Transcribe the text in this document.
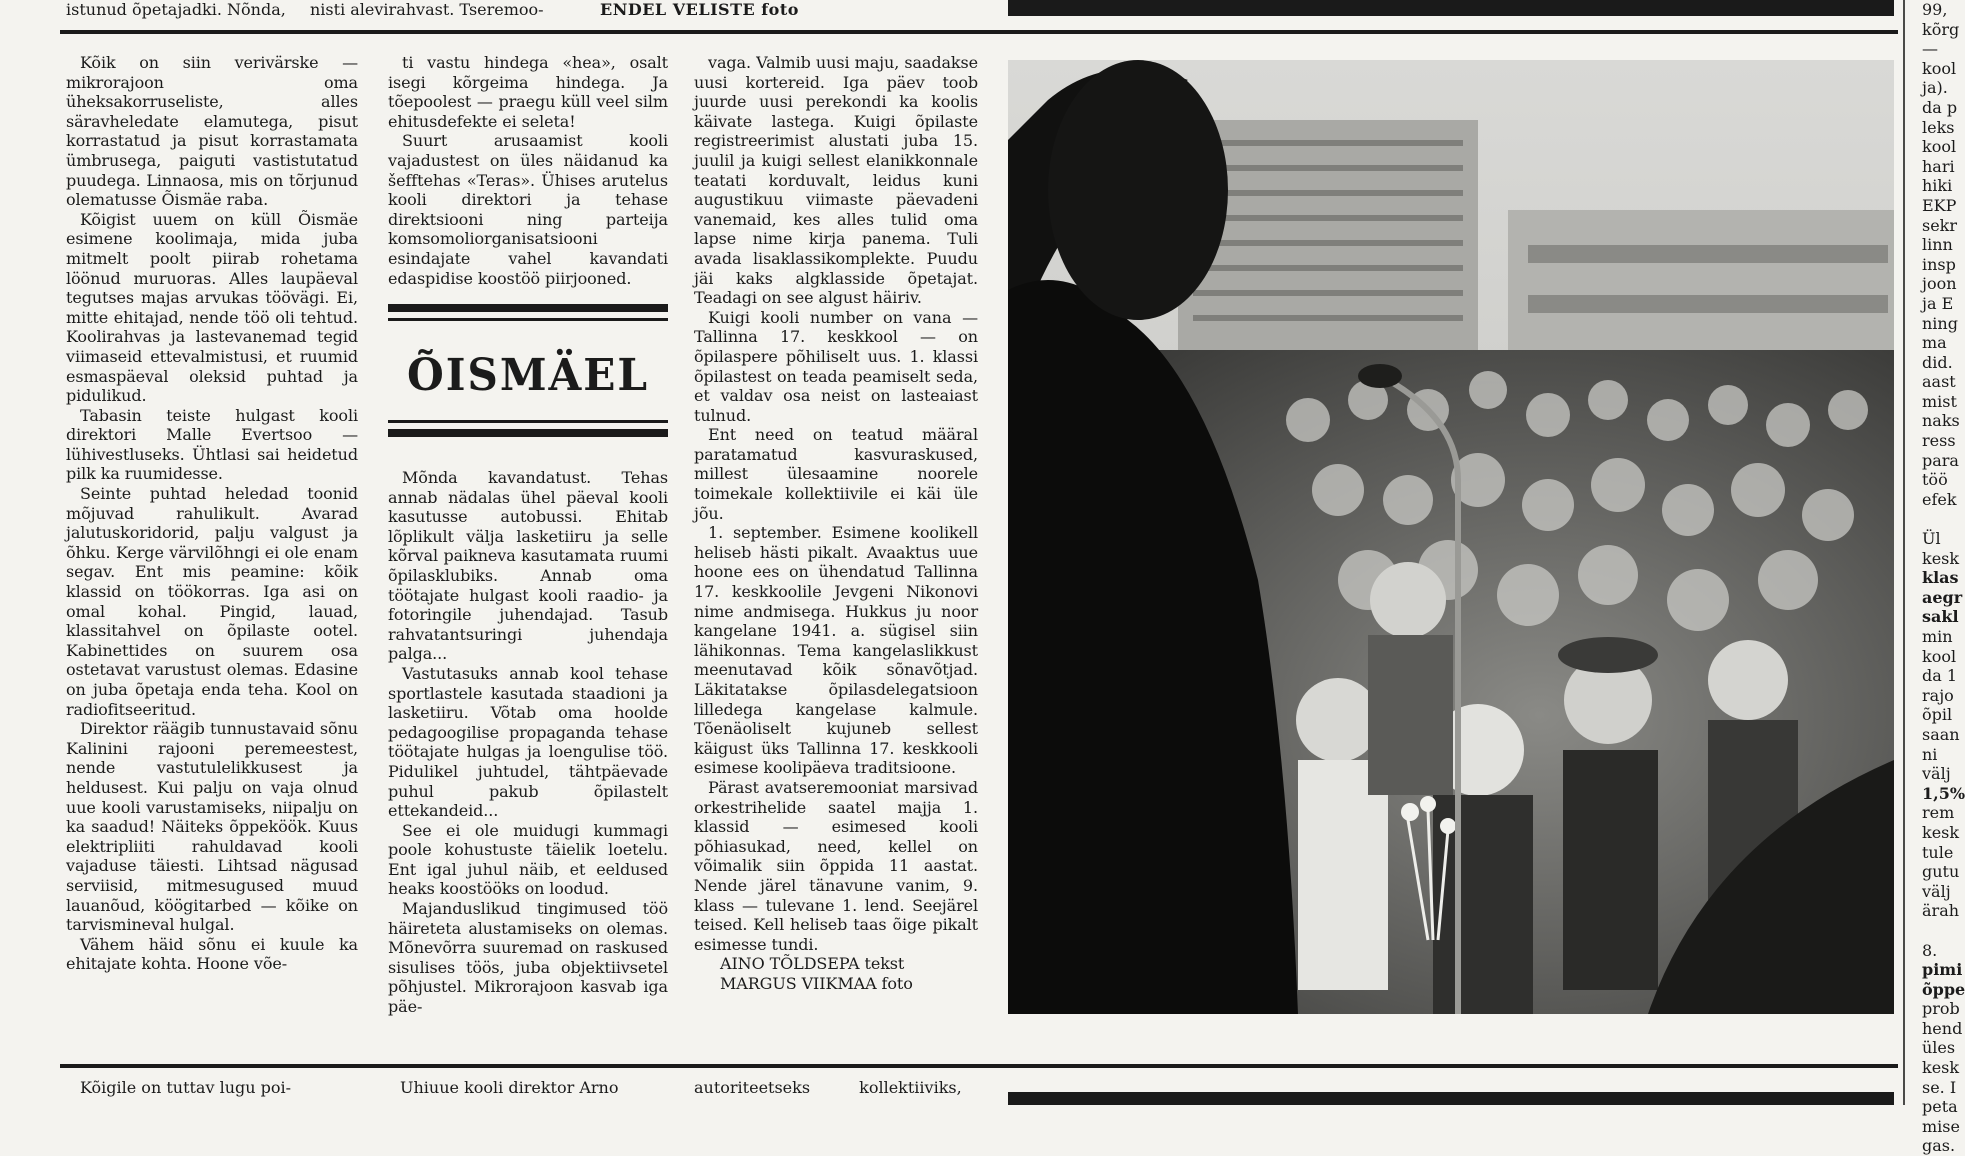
istunud õpetajadki. Nõnda,	nisti alevirahvast. Tseremoo-	ENDEL VELISTE foto

Kõik on siin verivärske — mikrorajoon oma üheksakorruseliste, alles säravheledate elamutega, pisut korrastatud ja pisut korrastamata ümbrusega, paiguti vastistutatud puudega. Linnaosa, mis on tõrjunud olematusse Õismäe raba.

Kõigist uuem on küll Õismäe esimene koolimaja, mida juba mitmelt poolt piirab rohetama löönud muruoras. Alles laupäeval tegutses majas arvukas töövägi. Ei, mitte ehitajad, nende töö oli tehtud. Koolirahvas ja lastevanemad tegid viimaseid ettevalmistusi, et ruumid esmaspäeval oleksid puhtad ja pidulikud.

Tabasin teiste hulgast kooli direktori Malle Evertsoo — lühivestluseks. Ühtlasi sai heidetud pilk ka ruumidesse.

Seinte puhtad heledad toonid mõjuvad rahulikult. Avarad jalutuskoridorid, palju valgust ja õhku. Kerge värvilõhngi ei ole enam segav. Ent mis peamine: kõik klassid on töökorras. Iga asi on omal kohal. Pingid, lauad, klassitahvel on õpilaste ootel. Kabinettides on suurem osa ostetavat varustust olemas. Edasine on juba õpetaja enda teha. Kool on radiofitseeritud.

Direktor räägib tunnustavaid sõnu Kalinini rajooni peremeestest, nende vastutulelikkusest ja heldusest. Kui palju on vaja olnud uue kooli varustamiseks, niipalju on ka saadud! Näiteks õppeköök. Kuus elektripliiti rahuldavad kooli vajaduse täiesti. Lihtsad nägusad serviisid, mitmesugused muud lauanõud, köögitarbed — kõike on tarvismineval hulgal.

Vähem häid sõnu ei kuule ka ehitajate kohta. Hoone võe-

ti vastu hindega «hea», osalt isegi kõrgeima hindega. Ja tõepoolest — praegu küll veel silm ehitusdefekte ei seleta!

Suurt arusaamist kooli vajadustest on üles näidanud ka šefftehas «Teras». Ühises arutelus kooli direktori ja tehase direktsiooni ning parteija komsomoliorganisatsiooni esindajate vahel kavandati edaspidise koostöö piirjooned.

ÕISMÄEL

Mõnda kavandatust. Tehas annab nädalas ühel päeval kooli kasutusse autobussi. Ehitab lõplikult välja lasketiiru ja selle kõrval paikneva kasutamata ruumi õpilasklubiks. Annab oma töötajate hulgast kooli raadio- ja fotoringile juhendajad. Tasub rahvatantsuringi juhendaja palga...

Vastutasuks annab kool tehase sportlastele kasutada staadioni ja lasketiiru. Võtab oma hoolde pedagoogilise propaganda tehase töötajate hulgas ja loengulise töö. Pidulikel juhtudel, tähtpäevade puhul pakub õpilastelt ettekandeid...

See ei ole muidugi kummagi poole kohustuste täielik loetelu. Ent igal juhul näib, et eeldused heaks koostööks on loodud.

Majanduslikud tingimused töö häireteta alustamiseks on olemas. Mõnevõrra suuremad on raskused sisulises töös, juba objektiivsetel põhjustel. Mikrorajoon kasvab iga päe-

vaga. Valmib uusi maju, saadakse uusi kortereid. Iga päev toob juurde uusi perekondi ka koolis käivate lastega. Kuigi õpilaste registreerimist alustati juba 15. juulil ja kuigi sellest elanikkonnale teatati korduvalt, leidus kuni augustikuu viimaste päevadeni vanemaid, kes alles tulid oma lapse nime kirja panema. Tuli avada lisaklassikomplekte. Puudu jäi kaks algklasside õpetajat. Teadagi on see algust häiriv.

Kuigi kooli number on vana — Tallinna 17. keskkool — on õpilaspere põhiliselt uus. 1. klassi õpilastest on teada peamiselt seda, et valdav osa neist on lasteaiast tulnud.

Ent need on teatud määral paratamatud kasvuraskused, millest ülesaamine noorele toimekale kollektiivile ei käi üle jõu.

1. september. Esimene koolikell heliseb hästi pikalt. Avaaktus uue hoone ees on ühendatud Tallinna 17. keskkoolile Jevgeni Nikonovi nime andmisega. Hukkus ju noor kangelane 1941. a. sügisel siin lähikonnas. Tema kangelaslikkust meenutavad kõik sõnavõtjad. Läkitatakse õpilasdelegatsioon lilledega kangelase kalmule. Tõenäoliselt kujuneb sellest käigust üks Tallinna 17. keskkooli esimese koolipäeva traditsioone.

Pärast avatseremooniat marsivad orkestrihelide saatel majja 1. klassid — esimesed kooli põhiasukad, need, kellel on võimalik siin õppida 11 aastat. Nende järel tänavune vanim, 9. klass — tulevane 1. lend. Seejärel teised. Kell heliseb taas õige pikalt esimesse tundi.

AINO TÕLDSEPA tekst

MARGUS VIIKMAA foto

99,
kõrg
—
kool
ja).
da p
leks
kool
hari
hiki
EKP
sekr
linn
insp
joon
ja E
ning
ma
did.
aast
mist
naks
ress
para
töö
efek
Ül
kesk
klas
aegr
sakl
min
kool
da 1
rajo
õpil
saan
ni
välj
1,5%
rem
kesk
tule
gutu
välj
ärah
8.
pimi
õppe
prob
hend
üles
kesk
se. I
peta
mise
gas.
Kõigile on tuttav lugu poi-	Uhiuue kooli direktor Arno	autoriteetseks kollektiiviks,
